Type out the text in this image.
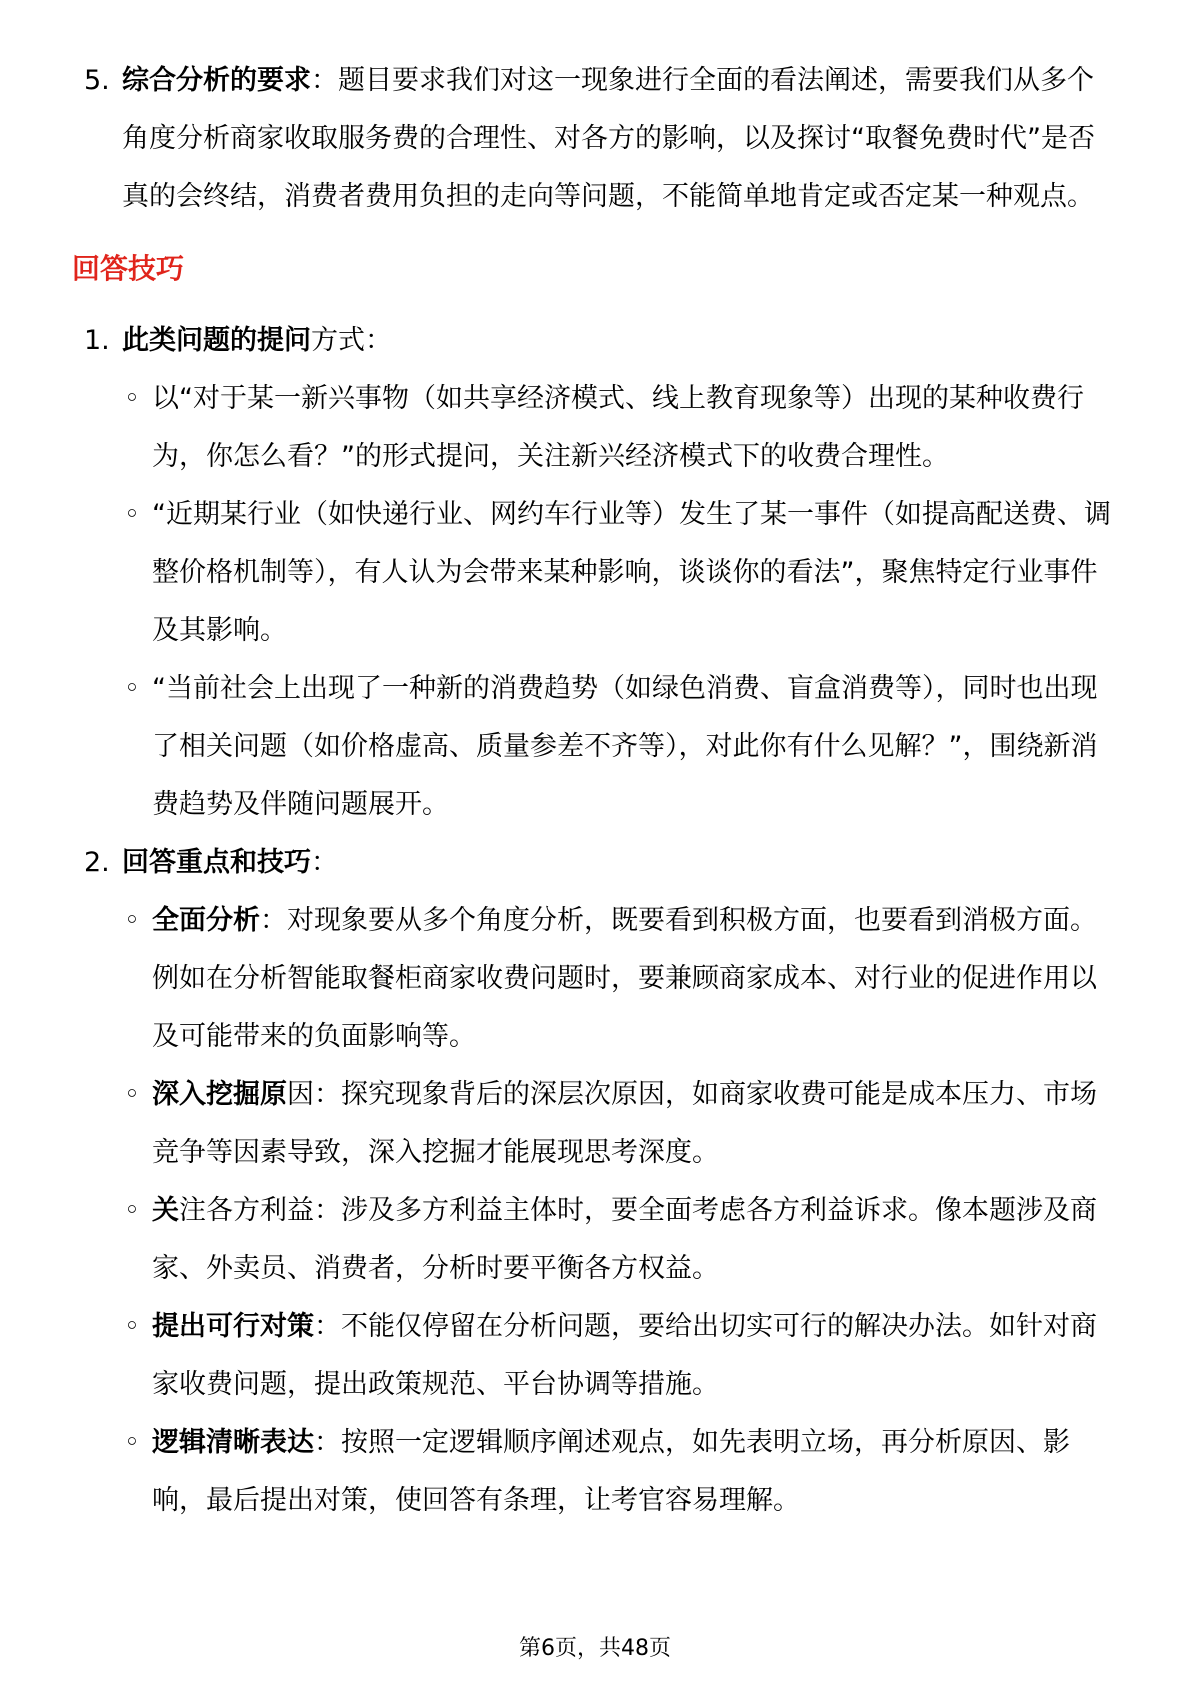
5. 综合分析的要求：题目要求我们对这一现象进行全面的看法阐述，需要我们从多个角度分析商家收取服务费的合理性、对各方的影响，以及探讨“取餐免费时代”是否真的会终结，消费者费用负担的走向等问题，不能简单地肯定或否定某一种观点。
回答技巧
1. 此类问题的提问方式：
◦ 以“对于某一新兴事物（如共享经济模式、线上教育现象等）出现的某种收费行为，你怎么看？”的形式提问，关注新兴经济模式下的收费合理性。
◦ “近期某行业（如快递行业、网约车行业等）发生了某一事件（如提高配送费、调整价格机制等），有人认为会带来某种影响，谈谈你的看法”，聚焦特定行业事件及其影响。
◦ “当前社会上出现了一种新的消费趋势（如绿色消费、盲盒消费等），同时也出现了相关问题（如价格虚高、质量参差不齐等），对此你有什么见解？”，围绕新消费趋势及伴随问题展开。
2. 回答重点和技巧：
◦ 全面分析：对现象要从多个角度分析，既要看到积极方面，也要看到消极方面。例如在分析智能取餐柜商家收费问题时，要兼顾商家成本、对行业的促进作用以及可能带来的负面影响等。
◦ 深入挖掘原因：探究现象背后的深层次原因，如商家收费可能是成本压力、市场竞争等因素导致，深入挖掘才能展现思考深度。
◦ 关注各方利益：涉及多方利益主体时，要全面考虑各方利益诉求。像本题涉及商家、外卖员、消费者，分析时要平衡各方权益。
◦ 提出可行对策：不能仅停留在分析问题，要给出切实可行的解决办法。如针对商家收费问题，提出政策规范、平台协调等措施。
◦ 逻辑清晰表达：按照一定逻辑顺序阐述观点，如先表明立场，再分析原因、影响，最后提出对策，使回答有条理，让考官容易理解。
第6页，共48页
